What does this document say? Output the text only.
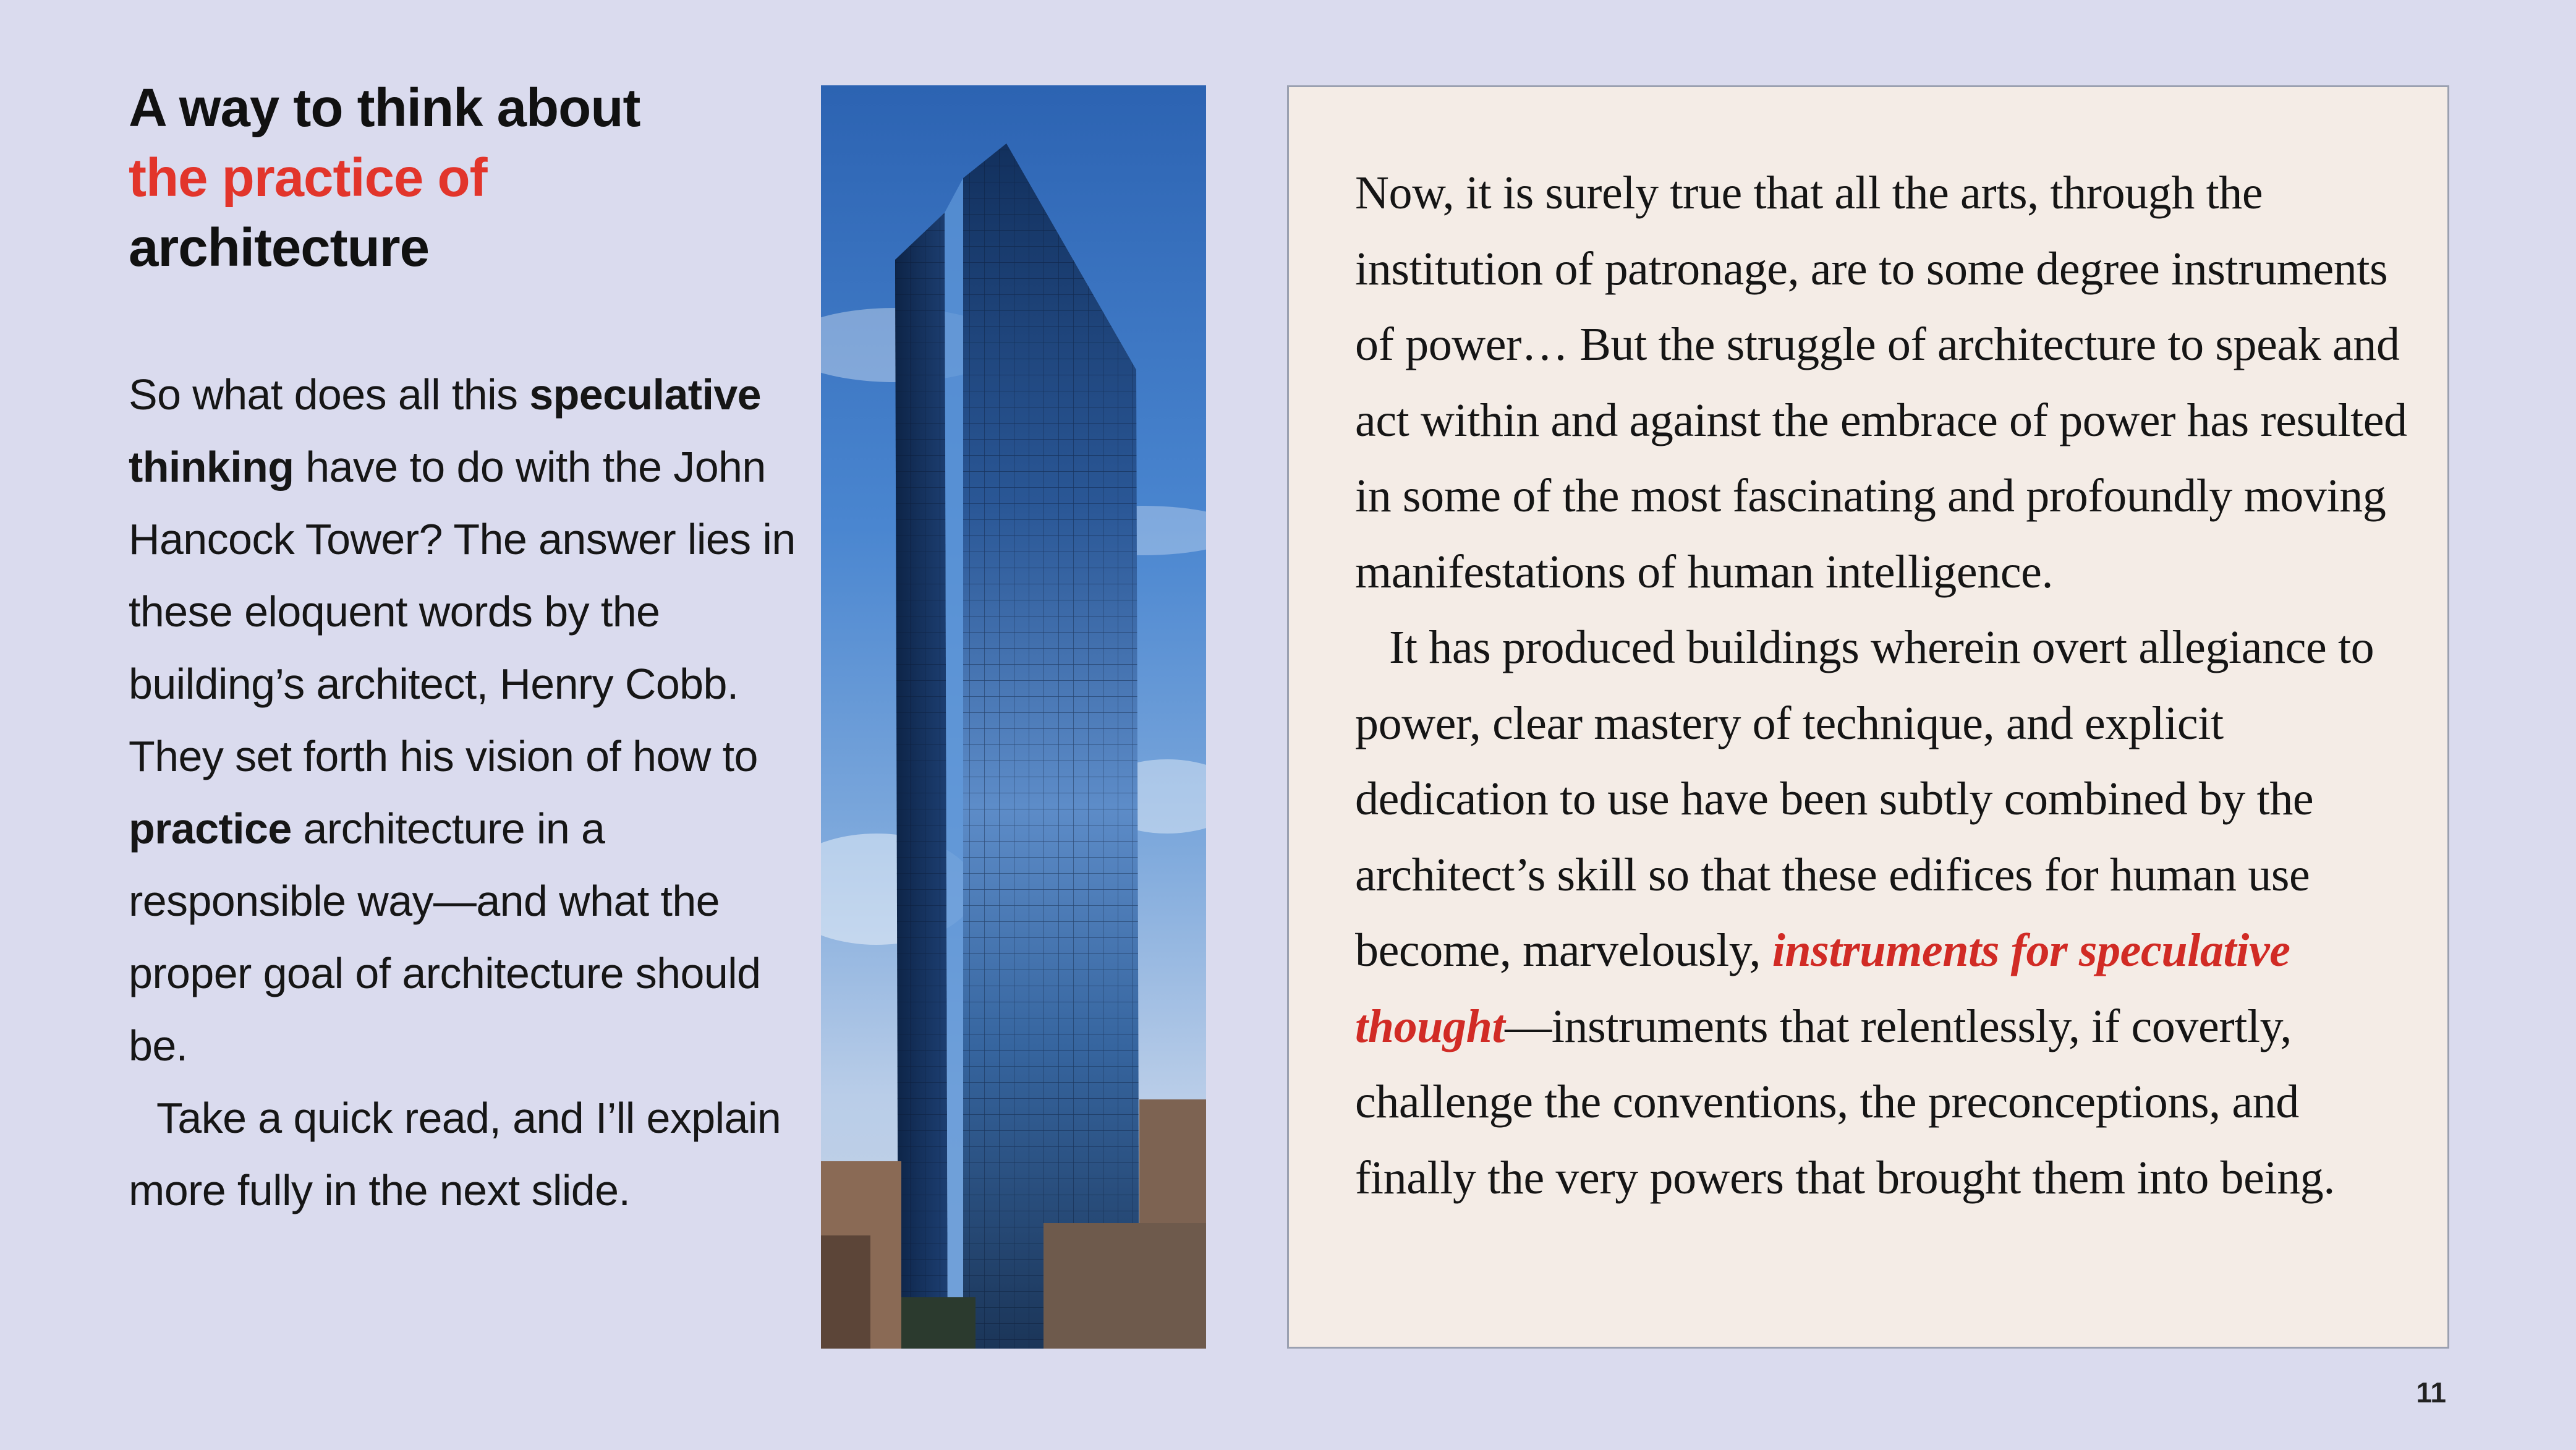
A way to think about
the practice of
architecture

So what does all this speculative thinking have to do with the John Hancock Tower? The answer lies in these eloquent words by the building’s architect, Henry Cobb. They set forth his vision of how to practice architecture in a responsible way—and what the proper goal of architecture should be.

Take a quick read, and I’ll explain more fully in the next slide.

Now, it is surely true that all the arts, through the institution of patronage, are to some degree instruments of power… But the struggle of architecture to speak and act within and against the embrace of power has resulted in some of the most fascinating and profoundly moving manifestations of human intelligence.

It has produced buildings wherein overt allegiance to power, clear mastery of technique, and explicit dedication to use have been subtly combined by the architect’s skill so that these edifices for human use become, marvelously, instruments for speculative thought—instruments that relentlessly, if covertly, challenge the conventions, the preconceptions, and finally the very powers that brought them into being.

11
